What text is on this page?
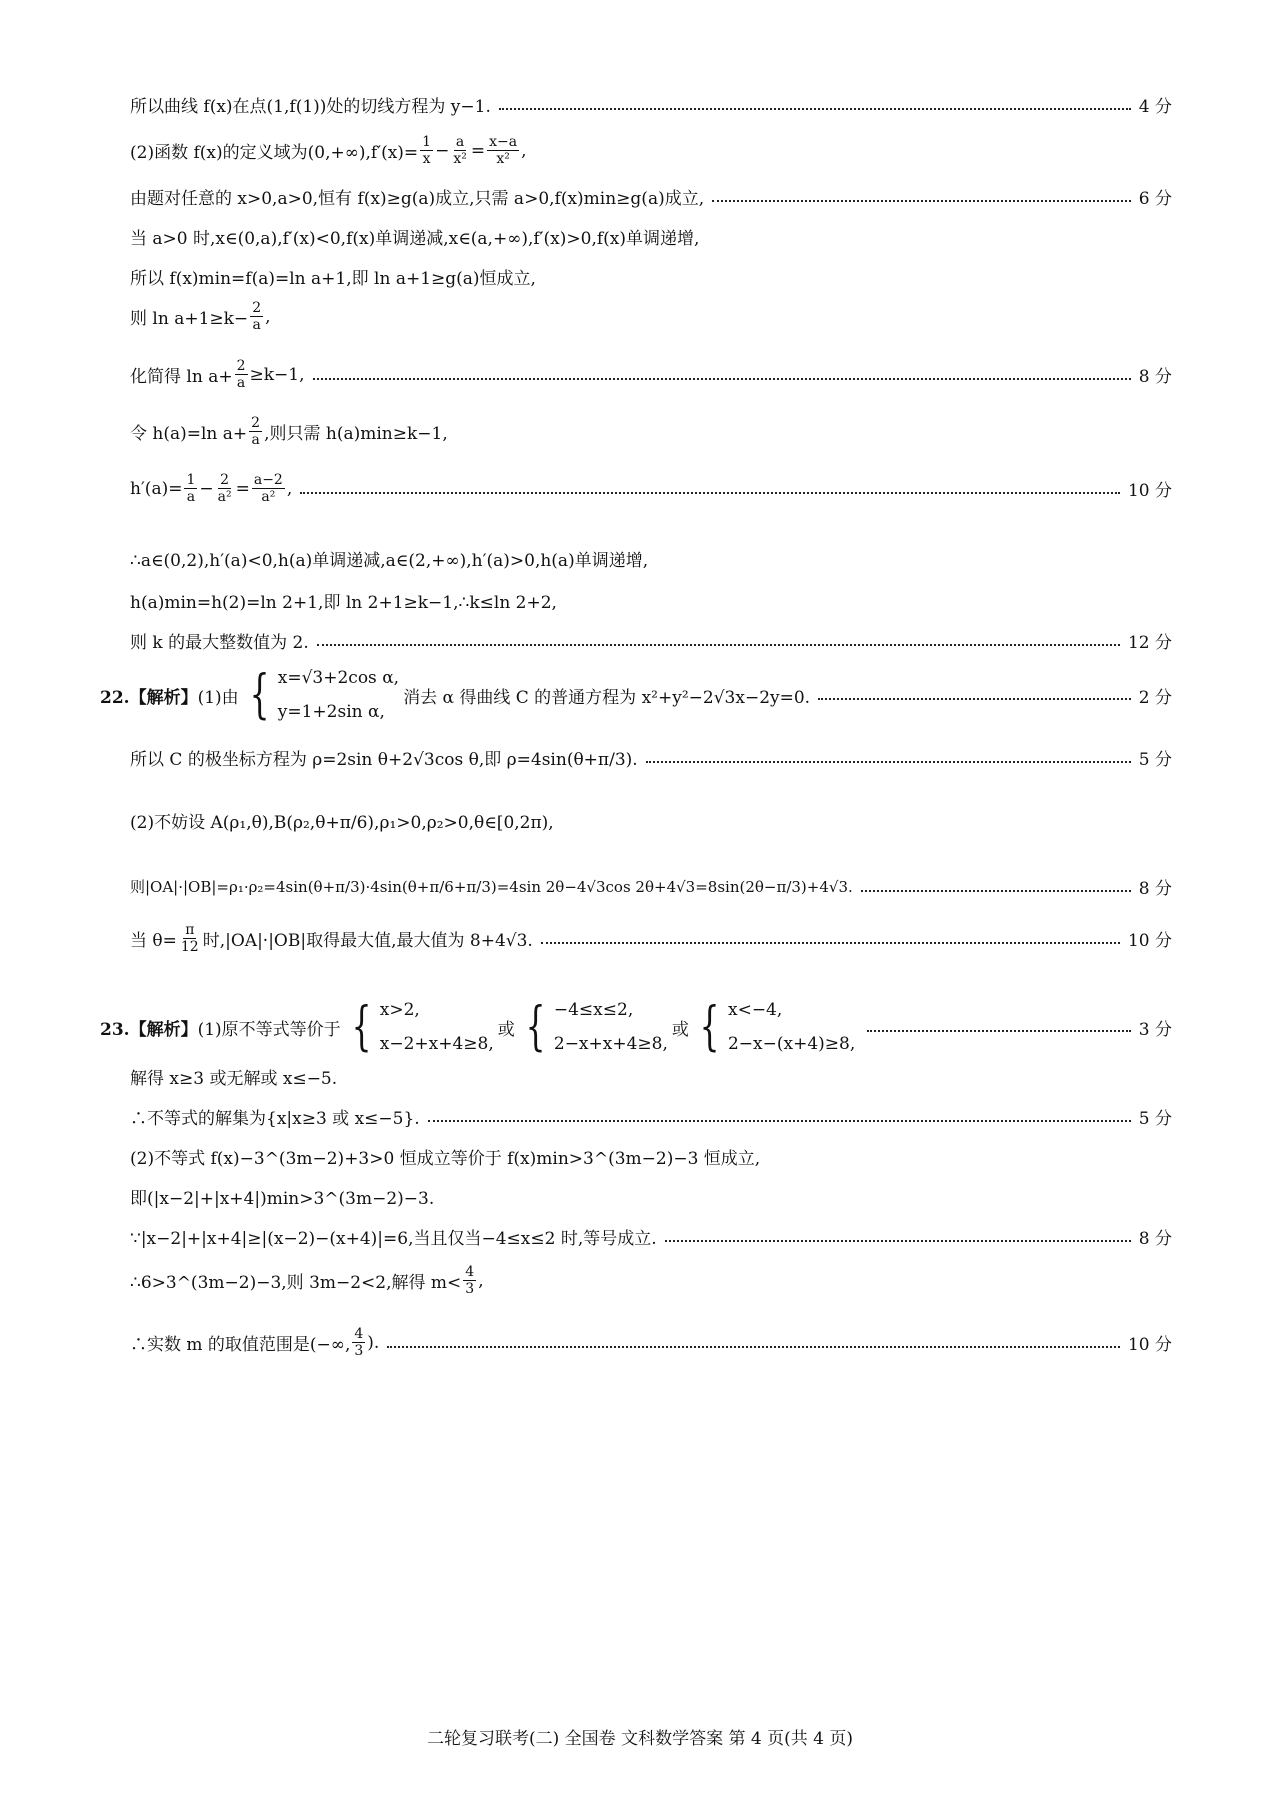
所以曲线 f(x)在点(1,f(1))处的切线方程为 y−1.	4 分
(2)函数 f(x)的定义域为$(0,+\infty),f'(x)= \frac{1}{x} - \frac{a}{\text{x²}} = \frac{x-a}{\text{x²}}$ ,
由题对任意的 x>0,a>0,恒有 f(x)≥g(a)成立,只需 a>0,f(x)min≥g(a)成立,	6 分
当 a>0 时,x∈(0,a),f′(x)<0,f(x)单调递减,x∈(a,+∞),f′(x)>0,f(x)单调递增,
所以 f(x)min=f(a)=ln a+1,即 ln a+1≥g(a)恒成立,
则 $\ln a+1\ge k- \frac{2}{a}$ ,
化简得 $\ln a+ \frac{2}{a} \ge k-1$,	8 分
令 h(a)=ln $a+ \frac{2}{a}$ ,则只需 h(a)min≥k−1,
$h'(a)= \frac{1}{a} - \frac{2}{\text{a²}} = \frac{a-2}{\text{a²}}$ ,	10 分
∴a∈(0,2),h′(a)<0,h(a)单调递减,a∈(2,+∞),h′(a)>0,h(a)单调递增,
h(a)min=h(2)=ln 2+1,即 ln 2+1≥k−1,∴k≤ln 2+2,
则 k 的最大整数值为 2.	12 分
22.【解析】 (1)由 { x=√3+2cos α,
y=1+2sin α,
消去 α 得曲线 C 的普通方程为 x²+y²−2√3x−2y=0.	2 分
所以 C 的极坐标方程为 ρ=2sin θ+2√3cos θ,即 ρ=4sin(θ+π/3).	5 分
(2)不妨设 A(ρ₁,θ),B(ρ₂,θ+π/6),ρ₁>0,ρ₂>0,θ∈[0,2π),
则|OA|·|OB|=ρ₁·ρ₂=4sin(θ+π/3)·4sin(θ+π/6+π/3)=4sin 2θ−4√3cos 2θ+4√3=8sin(2θ−π/3)+4√3.	8 分
当 $\theta= \frac{\pi}{12}$ 时,|OA|·|OB|取得最大值,最大值为 8+4√3.	10 分
23.【解析】 (1)原不等式等价于 { x>2,
x−2+x+4≥8,
或 { −4≤x≤2,
2−x+x+4≥8,
或 { x<−4,
2−x−(x+4)≥8,
3 分
解得 x≥3 或无解或 x≤−5.
∴不等式的解集为{x|x≥3 或 x≤−5}.	5 分
(2)不等式 f(x)−3^(3m−2)+3>0 恒成立等价于 f(x)min>3^(3m−2)−3 恒成立,
即(|x−2|+|x+4|)min>3^(3m−2)−3.
∵|x−2|+|x+4|≥|(x−2)−(x+4)|=6,当且仅当−4≤x≤2 时,等号成立.	8 分
∴6>3^(3m−2)−3,则 3m−2<2,解得 $m< \frac{4}{3}$ ,
∴实数 m 的取值范围是(−∞, $\frac{4}{3}$ ).	10 分
二轮复习联考(二) 全国卷 文科数学答案 第 4 页(共 4 页)
